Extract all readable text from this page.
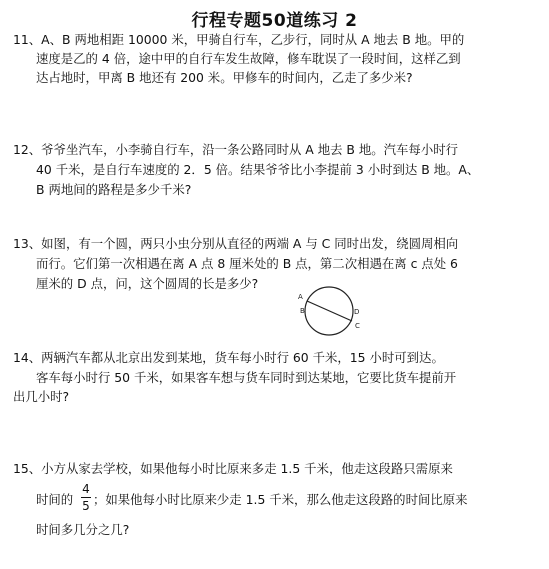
行程专题50道练习 2
11、A、B 两地相距 10000 米，甲骑自行车，乙步行，同时从 A 地去 B 地。甲的
速度是乙的 4 倍，途中甲的自行车发生故障，修车耽误了一段时间，这样乙到
达占地时，甲离 B 地还有 200 米。甲修车的时间内，乙走了多少米?
12、爷爷坐汽车，小李骑自行车，沿一条公路同时从 A 地去 B 地。汽车每小时行
40 千米，是自行车速度的 2．5 倍。结果爷爷比小李提前 3 小时到达 B 地。A、
B 两地间的路程是多少千米?
13、如图，有一个圆，两只小虫分别从直径的两端 A 与 C 同时出发，绕圆周相向
而行。它们第一次相遇在离 A 点 8 厘米处的 B 点，第二次相遇在离 c 点处 6
厘米的 D 点，问，这个圆周的长是多少?
A
B
C
D
14、两辆汽车都从北京出发到某地，货车每小时行 60 千米，15 小时可到达。
客车每小时行 50 千米，如果客车想与货车同时到达某地，它要比货车提前开
出几小时?
15、小方从家去学校，如果他每小时比原来多走 1.5 千米，他走这段路只需原来
时间的
4
5 ；如果他每小时比原来少走 1.5 千米，那么他走这段路的时间比原来
时间多几分之几?
